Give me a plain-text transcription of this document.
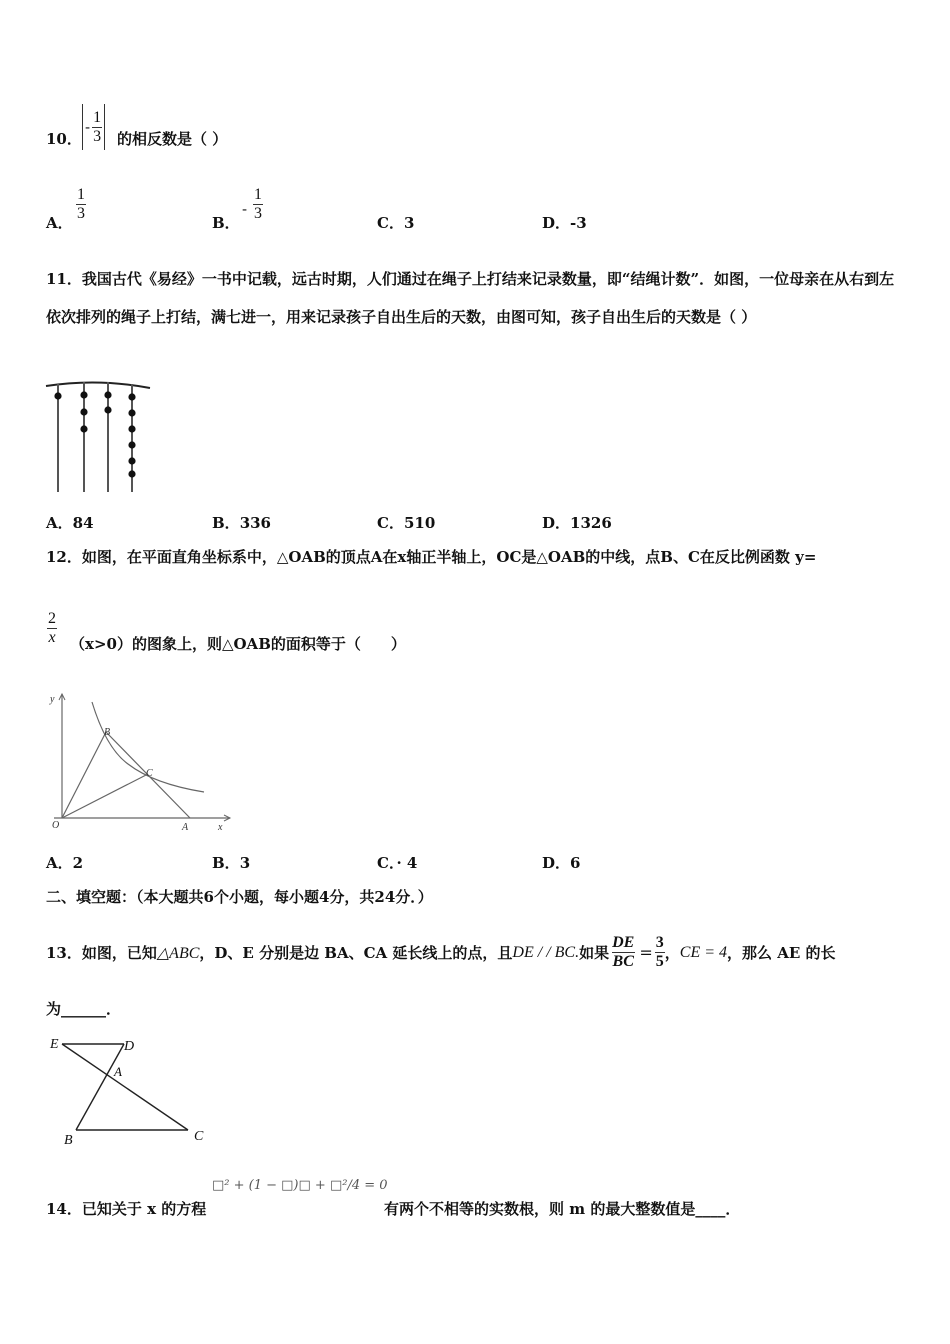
10．
- $\frac{1}{3}$ 的相反数是（ ）
A． $\frac{1}{3}$	B．
- $\frac{1}{3}$	C．3	D．-3
11．我国古代《易经》一书中记载，远古时期，人们通过在绳子上打结来记录数量，即“结绳计数”．如图，一位母亲在从右到左依次排列的绳子上打结，满七进一，用来记录孩子自出生后的天数，由图可知，孩子自出生后的天数是（ ）
A．84	B．336	C．510	D．1326
12．如图，在平面直角坐标系中，△OAB的顶点A在x轴正半轴上，OC是△OAB的中线，点B、C在反比例函数 y=
$\frac{2}{x} (x>0)$的图象上，则△OAB的面积等于（　　）
y
x
O	A
B
C
A．2	B．3	C．· 4	D．6
二、填空题：（本大题共6个小题，每小题4分，共24分．）
13．如图，已知 △ABC ，D、E 分别是边 BA、CA 延长线上的点，且 DE / / BC. 如果 $\frac{DE}{BC} = \frac{3}{5}$ ， CE = 4 ，那么 AE 的长
为______．
E	D
A
B	C
14．已知关于 x 的方程
□² + (1 − □)□ + □²/4 = 0
有两个不相等的实数根，则 m 的最大整数值是____．
